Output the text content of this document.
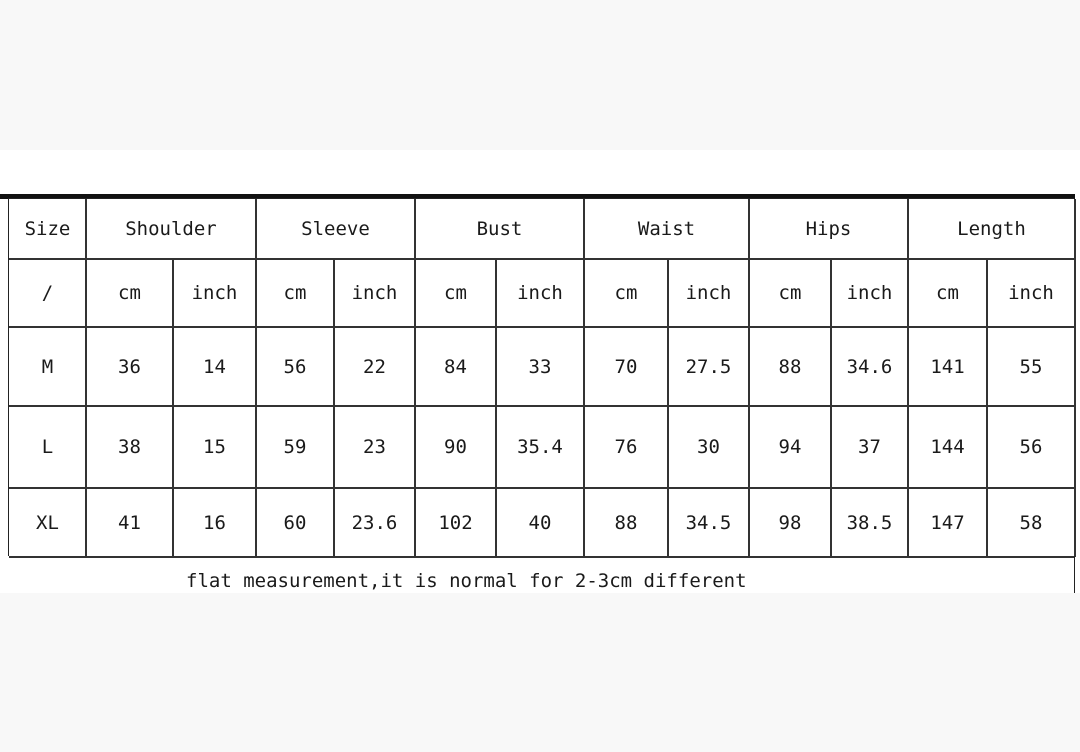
Size	Shoulder	Sleeve	Bust	Waist	Hips	Length
/	cm	inch	cm	inch	cm	inch	cm	inch	cm	inch	cm	inch
M	36	14	56	22	84	33	70	27.5	88	34.6	141	55
L	38	15	59	23	90	35.4	76	30	94	37	144	56
XL	41	16	60	23.6	102	40	88	34.5	98	38.5	147	58
flat measurement,it is normal for 2-3cm different
